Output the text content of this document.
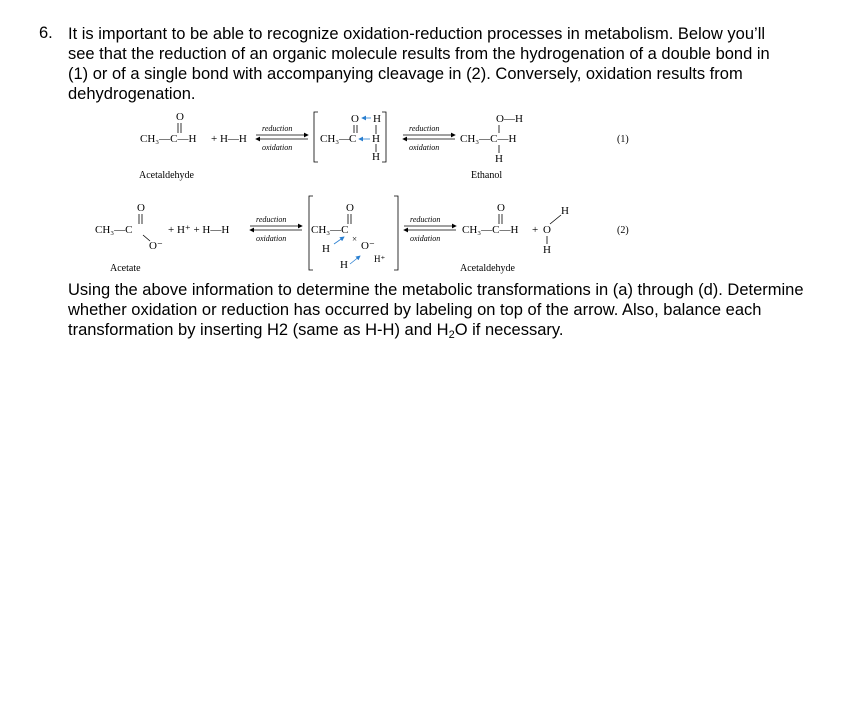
6. It is important to be able to recognize oxidation-reduction processes in metabolism. Below you’ll see that the reduction of an organic molecule results from the hydrogenation of a double bond in (1) or of a single bond with accompanying cleavage in (2). Conversely, oxidation results from dehydrogenation.
O
CH₃—C—H + H—H
reduction
oxidation
CH₃—
C
O H
H
H
reduction
oxidation
O—H
CH₃—C—H
H
(1)
Acetaldehyde	Ethanol
O
CH₃—C
O⁻
+ H⁺ + H—H
reduction
oxidation
CH₃—C
O
H
×
O⁻
H	H⁺
reduction
oxidation
O
CH₃—C—H + O
H
H
(2)
Acetate	Acetaldehyde
Using the above information to determine the metabolic transformations in (a) through (d). Determine whether oxidation or reduction has occurred by labeling on top of the arrow. Also, balance each transformation by inserting H2 (same as H-H) and $H_2O$ if necessary.
